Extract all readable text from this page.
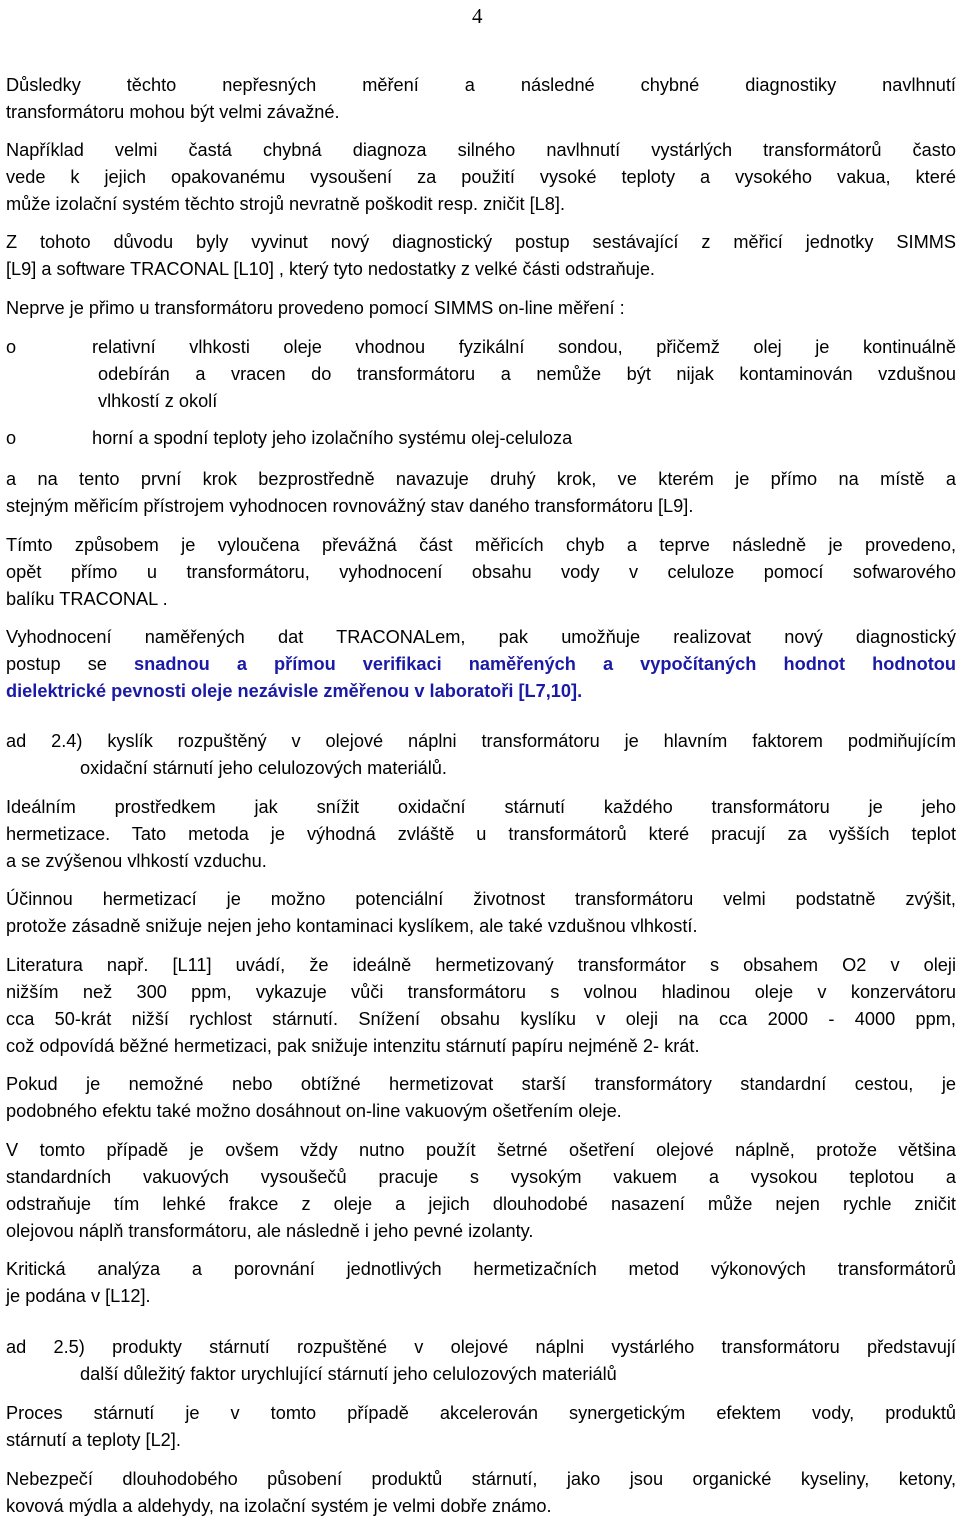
4
Důsledky těchto nepřesných měření a následné chybné diagnostiky navlhnutí
transformátoru mohou být velmi závažné.
Například velmi častá chybná diagnoza silného navlhnutí vystárlých transformátorů často
vede k jejich opakovanému vysoušení za použití vysoké teploty a vysokého vakua, které
může izolační systém těchto strojů nevratně poškodit resp. zničit [L8].
Z tohoto důvodu byly vyvinut nový diagnostický postup sestávající z měřicí jednotky SIMMS
[L9] a software TRACONAL [L10] , který tyto nedostatky z velké části odstraňuje.
Neprve je přimo u transformátoru provedeno pomocí SIMMS on-line měření :
o	relativní vlhkosti oleje vhodnou fyzikální sondou, přičemž olej je kontinuálně
odebírán a vracen do transformátoru a nemůže být nijak kontaminován vzdušnou
vlhkostí z okolí
o	horní a spodní teploty jeho izolačního systému olej-celuloza
a na tento první krok bezprostředně navazuje druhý krok, ve kterém je přímo na místě a
stejným měřicím přístrojem vyhodnocen rovnovážný stav daného transformátoru [L9].
Tímto způsobem je vyloučena převážná část měřicích chyb a teprve následně je provedeno,
opět přímo u transformátoru, vyhodnocení obsahu vody v celuloze pomocí sofwarového
balíku TRACONAL .
Vyhodnocení naměřených dat TRACONALem, pak umožňuje realizovat nový diagnostický
postup se snadnou a přímou verifikaci naměřených a vypočítaných hodnot hodnotou
dielektrické pevnosti oleje nezávisle změřenou v laboratoři [L7,10].
ad 2.4) kyslík rozpuštěný v olejové náplni transformátoru je hlavním faktorem podmiňujícím
oxidační stárnutí jeho celulozových materiálů.
Ideálním prostředkem jak snížit oxidační stárnutí každého transformátoru je jeho
hermetizace. Tato metoda je výhodná zvláště u transformátorů které pracují za vyšších teplot
a se zvýšenou vlhkostí vzduchu.
Účinnou hermetizací je možno potenciální životnost transformátoru velmi podstatně zvýšit,
protože zásadně snižuje nejen jeho kontaminaci kyslíkem, ale také vzdušnou vlhkostí.
Literatura např. [L11] uvádí, že ideálně hermetizovaný transformátor s obsahem O2 v oleji
nižším než 300 ppm, vykazuje vůči transformátoru s volnou hladinou oleje v konzervátoru
cca 50-krát nižší rychlost stárnutí. Snížení obsahu kyslíku v oleji na cca 2000 - 4000 ppm,
což odpovídá běžné hermetizaci, pak snižuje intenzitu stárnutí papíru nejméně 2- krát.
Pokud je nemožné nebo obtížné hermetizovat starší transformátory standardní cestou, je
podobného efektu také možno dosáhnout on-line vakuovým ošetřením oleje.
V tomto případě je ovšem vždy nutno použít šetrné ošetření olejové náplně, protože většina
standardních vakuových vysoušečů pracuje s vysokým vakuem a vysokou teplotou a
odstraňuje tím lehké frakce z oleje a jejich dlouhodobé nasazení může nejen rychle zničit
olejovou náplň transformátoru, ale následně i jeho pevné izolanty.
Kritická analýza a porovnání jednotlivých hermetizačních metod výkonových transformátorů
je podána v [L12].
ad 2.5) produkty stárnutí rozpuštěné v olejové náplni vystárlého transformátoru představují
další důležitý faktor urychlující stárnutí jeho celulozových materiálů
Proces stárnutí je v tomto případě akcelerován synergetickým efektem vody, produktů
stárnutí a teploty [L2].
Nebezpečí dlouhodobého působení produktů stárnutí, jako jsou organické kyseliny, ketony,
kovová mýdla a aldehydy, na izolační systém je velmi dobře známo.
